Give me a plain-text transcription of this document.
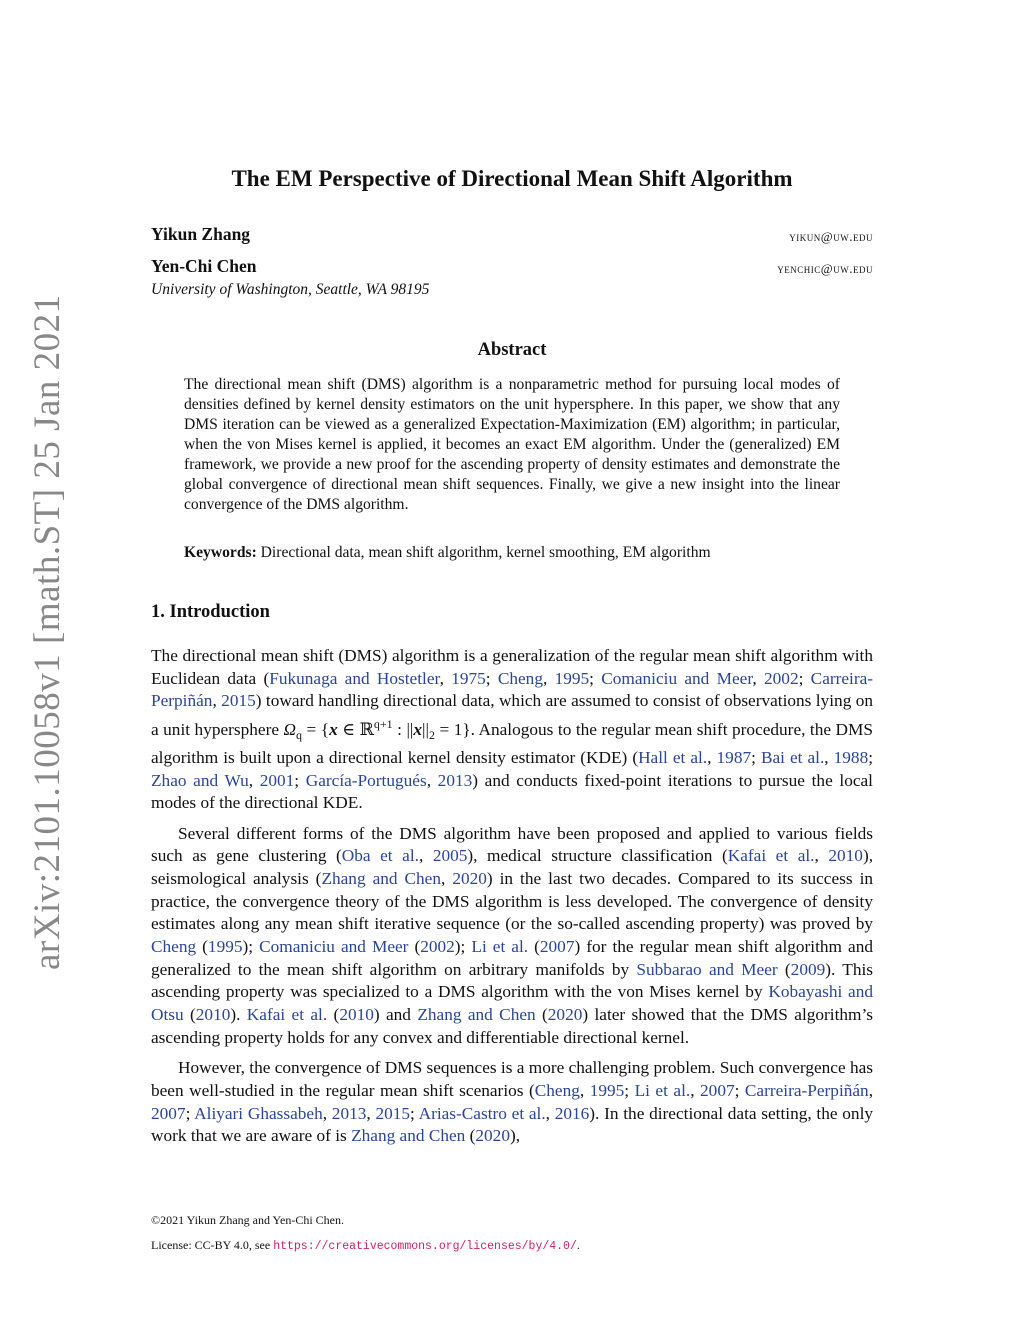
arXiv:2101.10058v1 [math.ST] 25 Jan 2021
The EM Perspective of Directional Mean Shift Algorithm
Yikun Zhang	yikun@uw.edu
Yen-Chi Chen	yenchic@uw.edu
University of Washington, Seattle, WA 98195
Abstract
The directional mean shift (DMS) algorithm is a nonparametric method for pursuing local modes of densities defined by kernel density estimators on the unit hypersphere. In this paper, we show that any DMS iteration can be viewed as a generalized Expectation-Maximization (EM) algorithm; in particular, when the von Mises kernel is applied, it becomes an exact EM algorithm. Under the (generalized) EM framework, we provide a new proof for the ascending property of density estimates and demonstrate the global convergence of directional mean shift sequences. Finally, we give a new insight into the linear convergence of the DMS algorithm.
Keywords: Directional data, mean shift algorithm, kernel smoothing, EM algorithm
1. Introduction

The directional mean shift (DMS) algorithm is a generalization of the regular mean shift algorithm with Euclidean data (Fukunaga and Hostetler, 1975; Cheng, 1995; Comaniciu and Meer, 2002; Carreira-Perpiñán, 2015) toward handling directional data, which are assumed to consist of observations lying on a unit hypersphere $\Omega_q = \{x$ ∈ ℝ$^{q+1}$ : $||x||_2 = 1$}. Analogous to the regular mean shift procedure, the DMS algorithm is built upon a directional kernel density estimator (KDE) (Hall et al., 1987; Bai et al., 1988; Zhao and Wu, 2001; García-Portugués, 2013) and conducts fixed-point iterations to pursue the local modes of the directional KDE.

Several different forms of the DMS algorithm have been proposed and applied to various fields such as gene clustering (Oba et al., 2005), medical structure classification (Kafai et al., 2010), seismological analysis (Zhang and Chen, 2020) in the last two decades. Compared to its success in practice, the convergence theory of the DMS algorithm is less developed. The convergence of density estimates along any mean shift iterative sequence (or the so-called ascending property) was proved by Cheng (1995); Comaniciu and Meer (2002); Li et al. (2007) for the regular mean shift algorithm and generalized to the mean shift algorithm on arbitrary manifolds by Subbarao and Meer (2009). This ascending property was specialized to a DMS algorithm with the von Mises kernel by Kobayashi and Otsu (2010). Kafai et al. (2010) and Zhang and Chen (2020) later showed that the DMS algorithm’s ascending property holds for any convex and differentiable directional kernel.

However, the convergence of DMS sequences is a more challenging problem. Such convergence has been well-studied in the regular mean shift scenarios (Cheng, 1995; Li et al., 2007; Carreira-Perpiñán, 2007; Aliyari Ghassabeh, 2013, 2015; Arias-Castro et al., 2016). In the directional data setting, the only work that we are aware of is Zhang and Chen (2020),

©2021 Yikun Zhang and Yen-Chi Chen.
License: CC-BY 4.0, see https://creativecommons.org/licenses/by/4.0/.
